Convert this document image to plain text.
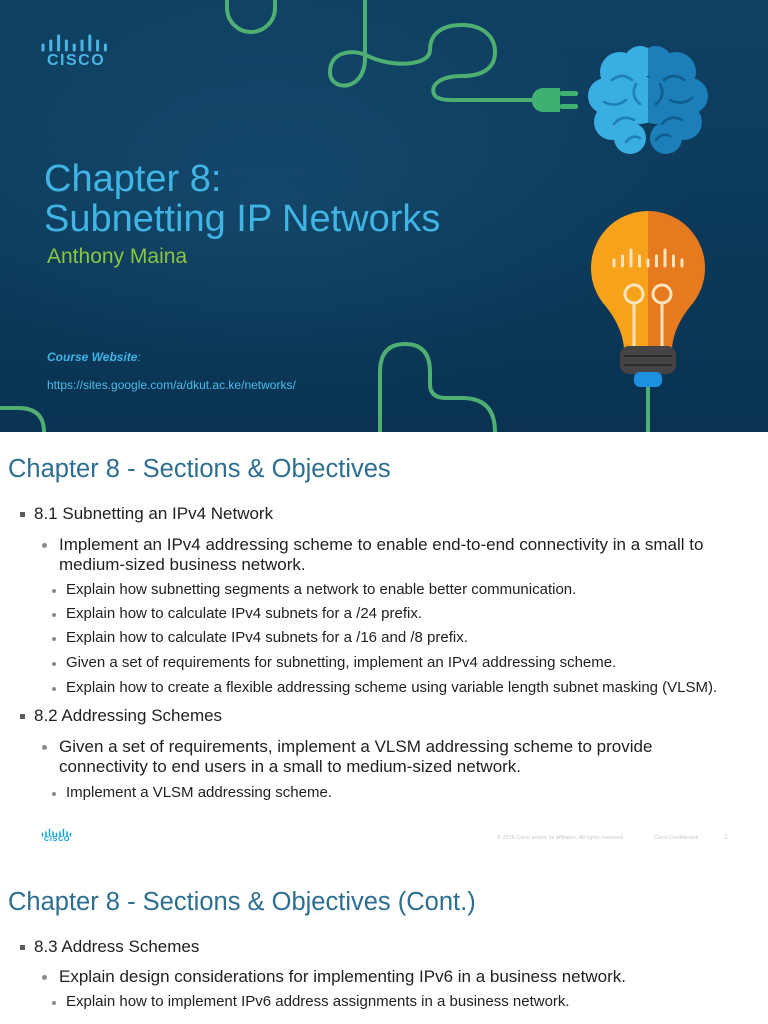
CISCO
Chapter 8:
Subnetting IP Networks
Anthony Maina
Course Website:
https://sites.google.com/a/dkut.ac.ke/networks/
Chapter 8 - Sections & Objectives
8.1 Subnetting an IPv4 Network
Implement an IPv4 addressing scheme to enable end-to-end connectivity in a small to medium-sized business network.
Explain how subnetting segments a network to enable better communication.
Explain how to calculate IPv4 subnets for a /24 prefix.
Explain how to calculate IPv4 subnets for a /16 and /8 prefix.
Given a set of requirements for subnetting, implement an IPv4 addressing scheme.
Explain how to create a flexible addressing scheme using variable length subnet masking (VLSM).
8.2 Addressing Schemes
Given a set of requirements, implement a VLSM addressing scheme to provide connectivity to end users in a small to medium-sized network.
Implement a VLSM addressing scheme.
CISCO	© 2016 Cisco and/or its affiliates. All rights reserved.	Cisco Confidential	2
Chapter 8 - Sections & Objectives (Cont.)
8.3 Address Schemes
Explain design considerations for implementing IPv6 in a business network.
Explain how to implement IPv6 address assignments in a business network.
